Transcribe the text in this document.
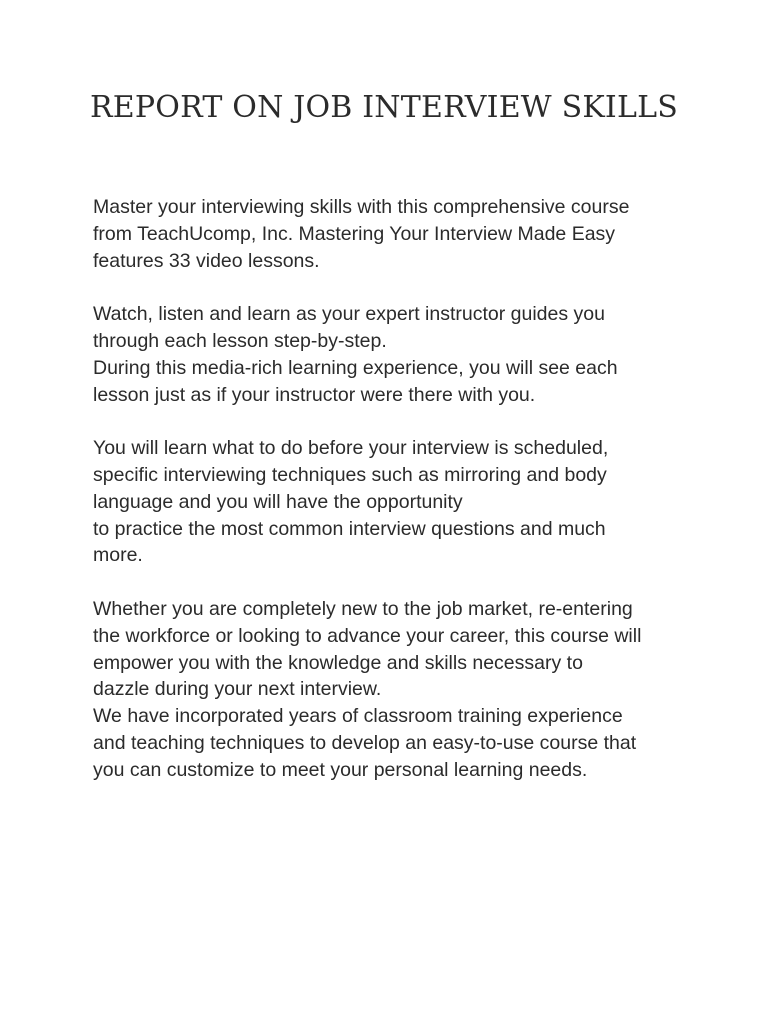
REPORT ON JOB INTERVIEW SKILLS

Master your interviewing skills with this comprehensive course
from TeachUcomp, Inc. Mastering Your Interview Made Easy
features 33 video lessons.

Watch, listen and learn as your expert instructor guides you
through each lesson step-by-step.
During this media-rich learning experience, you will see each
lesson just as if your instructor were there with you.

You will learn what to do before your interview is scheduled,
specific interviewing techniques such as mirroring and body
language and you will have the opportunity
to practice the most common interview questions and much
more.

Whether you are completely new to the job market, re-entering
the workforce or looking to advance your career, this course will
empower you with the knowledge and skills necessary to
dazzle during your next interview.
We have incorporated years of classroom training experience
and teaching techniques to develop an easy-to-use course that
you can customize to meet your personal learning needs.
